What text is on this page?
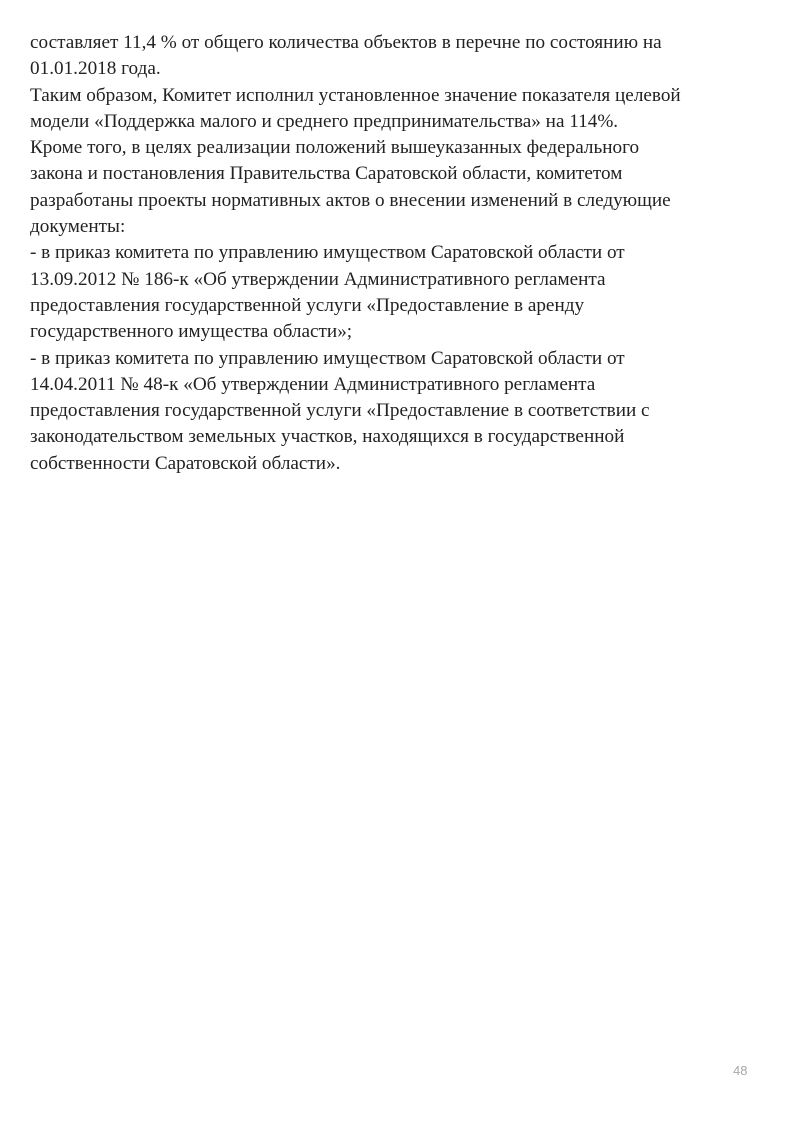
составляет 11,4 % от общего количества объектов в перечне по состоянию на
01.01.2018 года.
Таким образом, Комитет исполнил установленное значение показателя целевой
модели «Поддержка малого и среднего предпринимательства» на 114%.
Кроме того, в целях реализации положений вышеуказанных федерального
закона и постановления Правительства Саратовской области, комитетом
разработаны проекты нормативных актов о внесении изменений в следующие
документы:
- в приказ комитета по управлению имуществом Саратовской области от
13.09.2012 № 186-к «Об утверждении Административного регламента
предоставления государственной услуги «Предоставление в аренду
государственного имущества области»;
- в приказ комитета по управлению имуществом Саратовской области от
14.04.2011 № 48-к «Об утверждении Административного регламента
предоставления государственной услуги «Предоставление в соответствии с
законодательством земельных участков, находящихся в государственной
собственности Саратовской области».
48
